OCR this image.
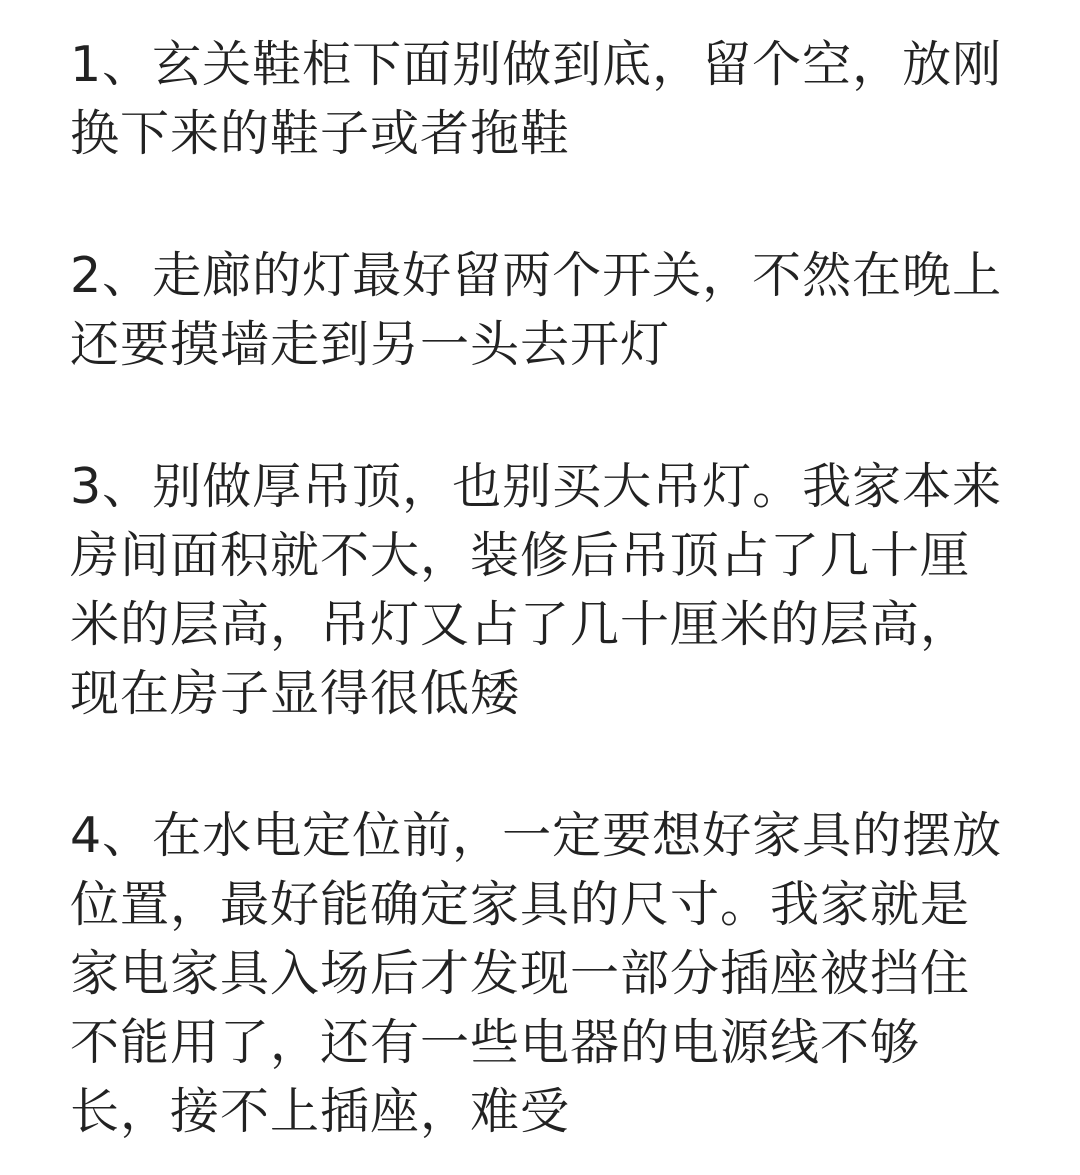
1、玄关鞋柜下面别做到底，留个空，放刚
换下来的鞋子或者拖鞋
2、走廊的灯最好留两个开关，不然在晚上
还要摸墙走到另一头去开灯
3、别做厚吊顶，也别买大吊灯。我家本来
房间面积就不大，装修后吊顶占了几十厘
米的层高，吊灯又占了几十厘米的层高，
现在房子显得很低矮
4、在水电定位前，一定要想好家具的摆放
位置，最好能确定家具的尺寸。我家就是
家电家具入场后才发现一部分插座被挡住
不能用了，还有一些电器的电源线不够
长，接不上插座，难受
